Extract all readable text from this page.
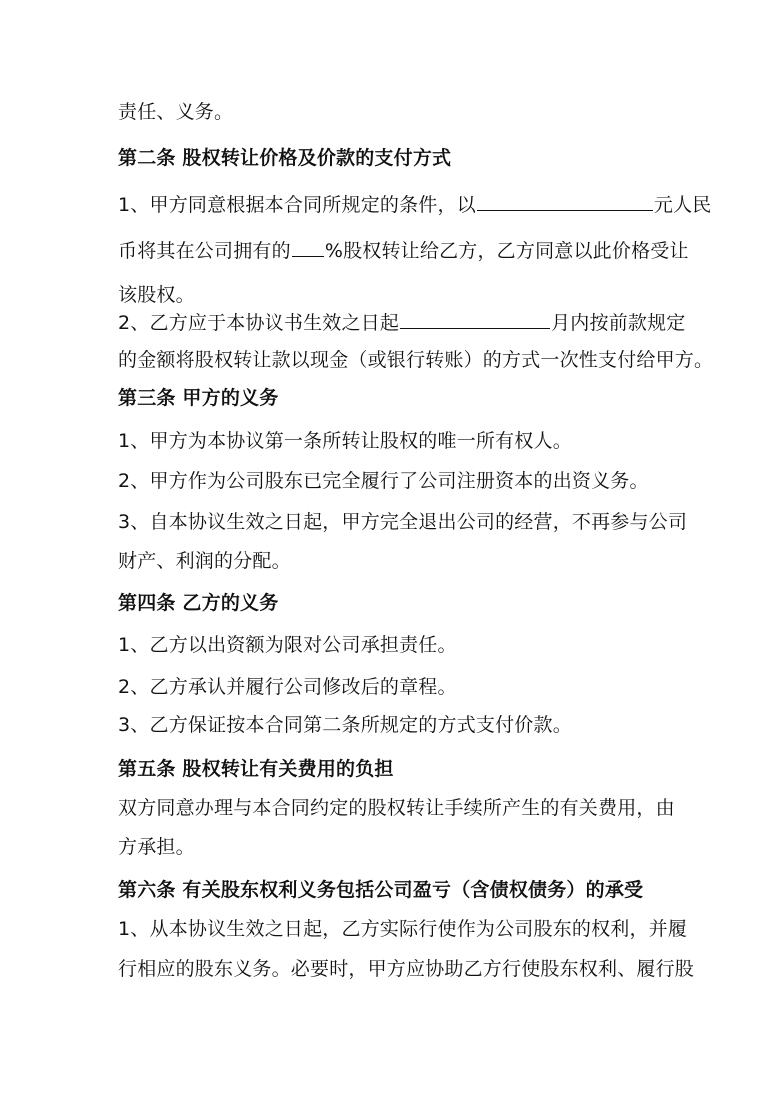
责任、义务。
第二条 股权转让价格及价款的支付方式
1、甲方同意根据本合同所规定的条件，以	元人民
币将其在公司拥有的 %股权转让给乙方，乙方同意以此价格受让
该股权。
2、乙方应于本协议书生效之日起	月内按前款规定
的金额将股权转让款以现金（或银行转账）的方式一次性支付给甲方。
第三条 甲方的义务
1、甲方为本协议第一条所转让股权的唯一所有权人。
2、甲方作为公司股东已完全履行了公司注册资本的出资义务。
3、自本协议生效之日起，甲方完全退出公司的经营，不再参与公司
财产、利润的分配。
第四条 乙方的义务
1、乙方以出资额为限对公司承担责任。
2、乙方承认并履行公司修改后的章程。
3、乙方保证按本合同第二条所规定的方式支付价款。
第五条 股权转让有关费用的负担
双方同意办理与本合同约定的股权转让手续所产生的有关费用，由
方承担。
第六条 有关股东权利义务包括公司盈亏（含债权债务）的承受
1、从本协议生效之日起，乙方实际行使作为公司股东的权利，并履
行相应的股东义务。必要时，甲方应协助乙方行使股东权利、履行股
